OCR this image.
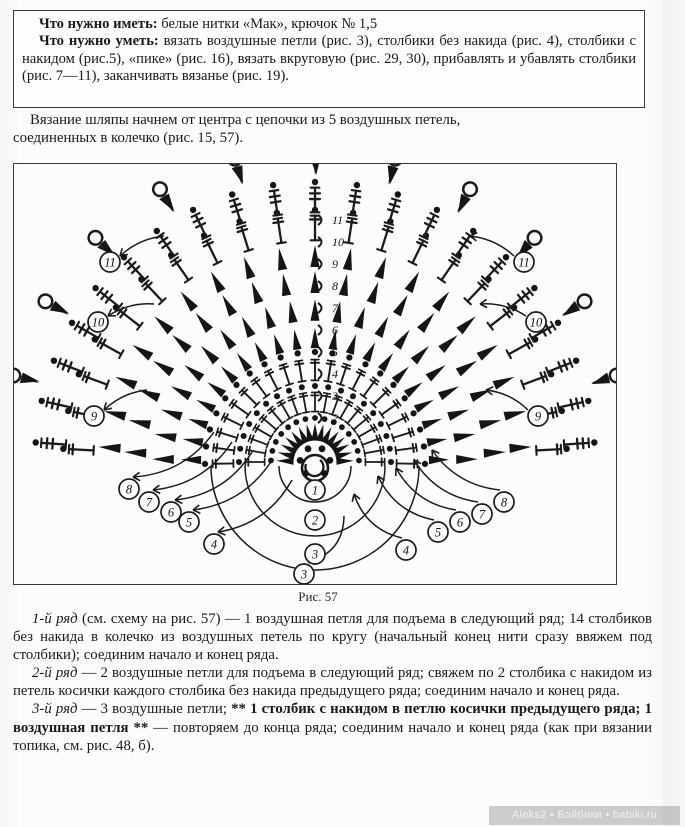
Что нужно иметь: белые нитки «Мак», крючок № 1,5

Что нужно уметь: вязать воздушные петли (рис. 3), столбики без накида (рис. 4), столбики с накидом (рис.5), «пике» (рис. 16), вязать вкруговую (рис. 29, 30), прибавлять и убавлять столбики (рис. 7—11), заканчивать вязанье (рис. 19).

Вязание шляпы начнем от центра с цепочки из 5 воздушных петель,
соединенных в колечко (рис. 15, 57).
11
10
9
8
7
6
5
4
3
11
10
9
8
7
6
5
4
1
2
3
11
10
9
8
7
6
5
4
3
2
Рис. 57

1-й ряд (см. схему на рис. 57) — 1 воздушная петля для подъема в следующий ряд; 14 столбиков без накида в колечко из воздушных петель по кругу (начальный конец нити сразу ввяжем под столбики); соединим начало и конец ряда.

2-й ряд — 2 воздушные петли для подъема в следующий ряд; свяжем по 2 столбика с накидом из петель косички каждого столбика без накида предыдущего ряда; соединим начало и конец ряда.

3-й ряд — 3 воздушные петли; ** 1 столбик с накидом в петлю косички предыдущего ряда; 1 воздушная петля ** — повторяем до конца ряда; соединим начало и конец ряда (как при вязании топика, см. рис. 48, б).

Aleks2 • Бэйбики • babiki.ru
